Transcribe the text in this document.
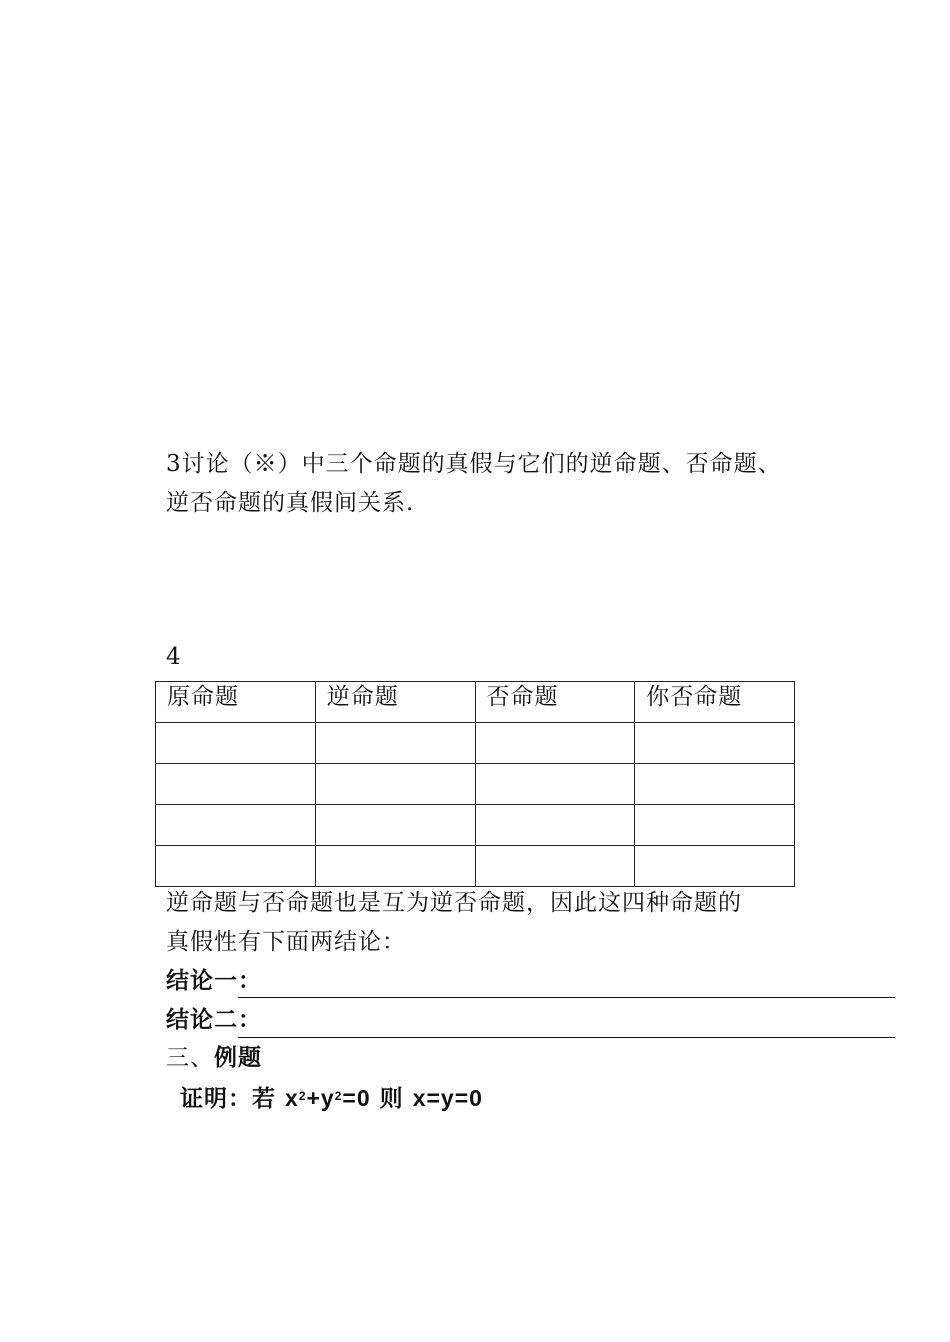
3讨论（※）中三个命题的真假与它们的逆命题、否命题、
逆否命题的真假间关系.
4
原命题	逆命题	否命题	你否命题

逆命题与否命题也是互为逆否命题，因此这四种命题的
真假性有下面两结论：
结论一：
结论二：
三、例题
证明：若 $x^2+y^2=0$ 则 x=y=0
